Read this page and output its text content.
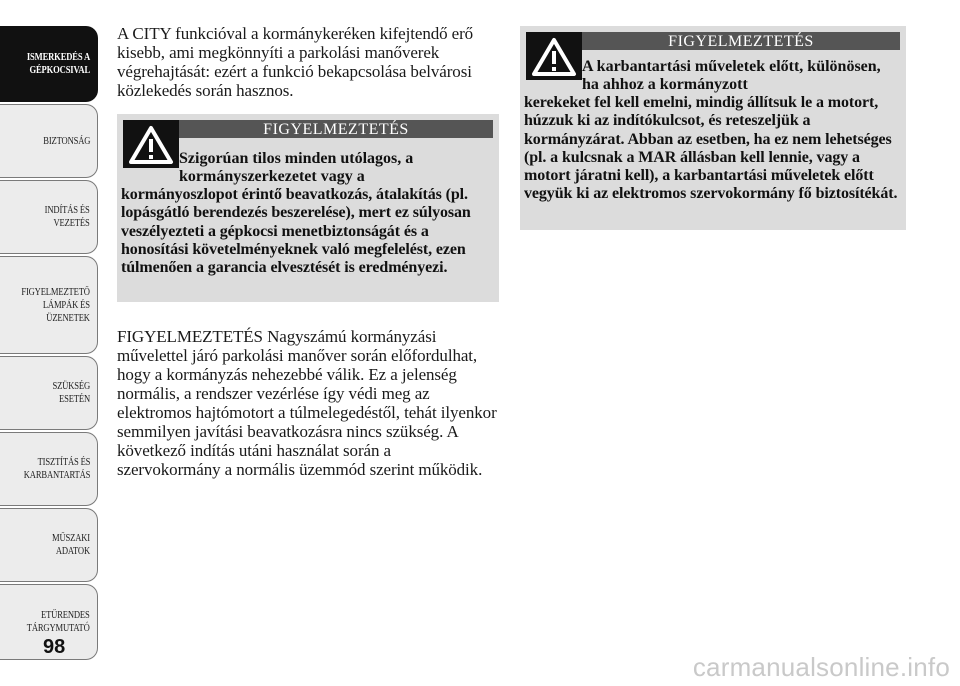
ISMERKEDÉS A
GÉPKOCSIVAL
BIZTONSÁG
INDÍTÁS ÉS
VEZETÉS
FIGYELMEZTETŐ
LÁMPÁK ÉS
ÜZENETEK
SZÜKSÉG ESETÉN
TISZTÍTÁS ÉS
KARBANTARTÁS
MŰSZAKI ADATOK
ETŰRENDES
TÁRGYMUTATÓ
98

A CITY funkcióval a kormánykeréken kifejtendő erő kisebb, ami megkönnyíti a parkolási manőverek végrehajtását: ezért a funkció bekapcsolása belvárosi közlekedés során hasznos.

FIGYELMEZTETÉS
Szigorúan tilos minden utólagos, a kormányszerkezetet vagy a
kormányoszlopot érintő beavatkozás, átalakítás (pl. lopásgátló berendezés beszerelése), mert ez súlyosan veszélyezteti a gépkocsi menetbiztonságát és a honosítási követelményeknek való megfelelést, ezen túlmenően a garancia elvesztését is eredményezi.

FIGYELMEZTETÉS Nagyszámú kormányzási művelettel járó parkolási manőver során előfordulhat, hogy a kormányzás nehezebbé válik. Ez a jelenség normális, a rendszer vezérlése így védi meg az elektromos hajtómotort a túlmelegedéstől, tehát ilyenkor semmilyen javítási beavatkozásra nincs szükség. A következő indítás utáni használat során a szervokormány a normális üzemmód szerint működik.

FIGYELMEZTETÉS
A karbantartási műveletek előtt, különösen, ha ahhoz a kormányzott
kerekeket fel kell emelni, mindig állítsuk le a motort, húzzuk ki az indítókulcsot, és reteszeljük a kormányzárat. Abban az esetben, ha ez nem lehetséges (pl. a kulcsnak a MAR állásban kell lennie, vagy a motort járatni kell), a karbantartási műveletek előtt vegyük ki az elektromos szervokormány fő biztosítékát.
carmanualsonline.info
